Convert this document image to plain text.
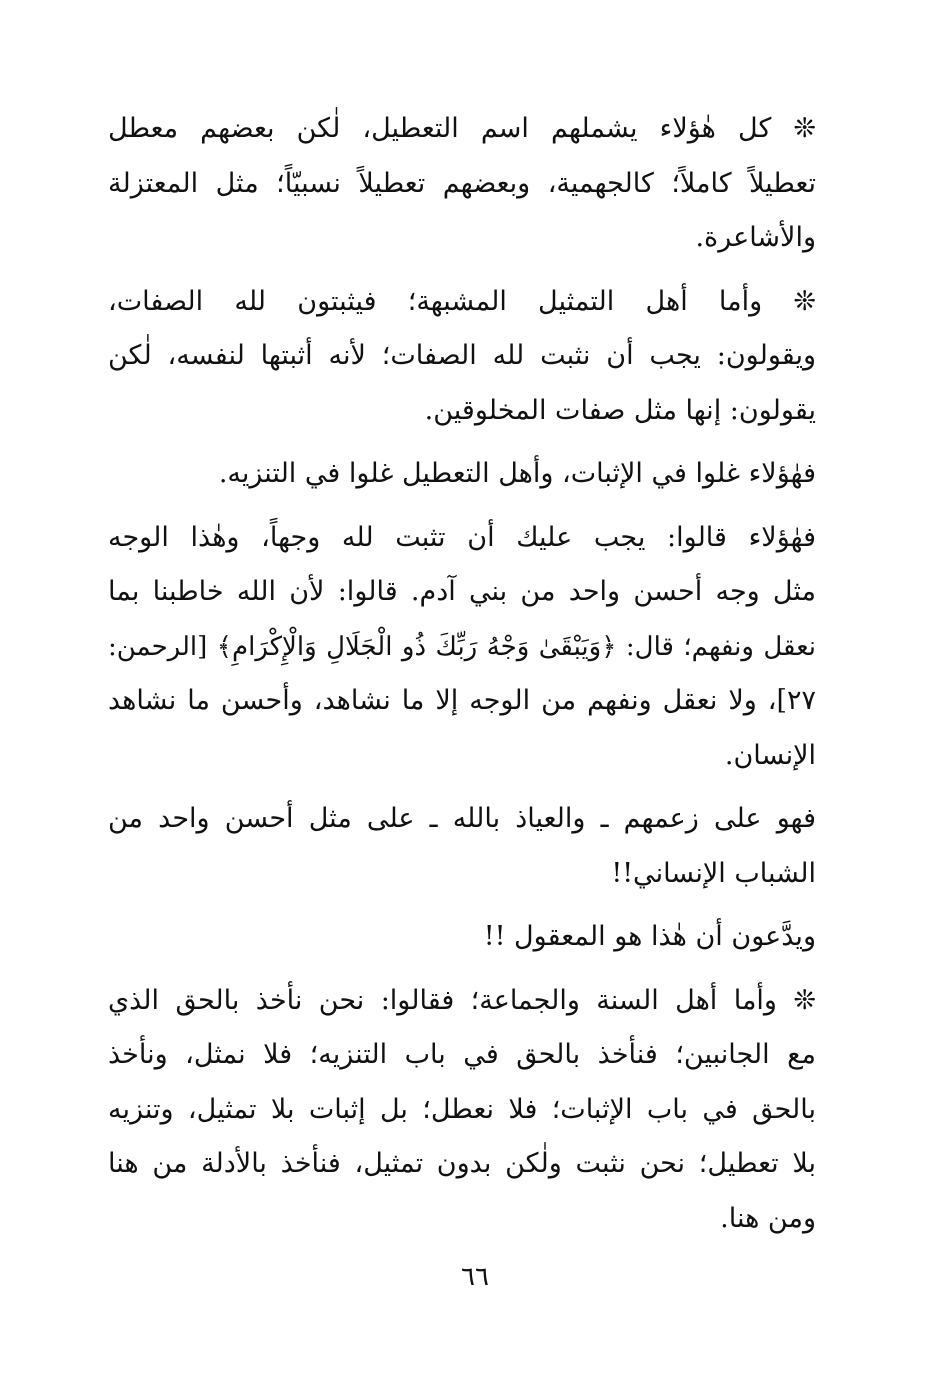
❊ كل هٰؤلاء يشملهم اسم التعطيل، لٰكن بعضهم معطل
تعطيلاً كاملاً؛ كالجهمية، وبعضهم تعطيلاً نسبيّاً؛ مثل المعتزلة
والأشاعرة.

❊ وأما أهل التمثيل المشبهة؛ فيثبتون لله الصفات،
ويقولون: يجب أن نثبت لله الصفات؛ لأنه أثبتها لنفسه، لٰكن
يقولون: إنها مثل صفات المخلوقين.

فهٰؤلاء غلوا في الإثبات، وأهل التعطيل غلوا في التنزيه.

فهٰؤلاء قالوا: يجب عليك أن تثبت لله وجهاً، وهٰذا الوجه
مثل وجه أحسن واحد من بني آدم. قالوا: لأن الله خاطبنا بما
نعقل ونفهم؛ قال: ﴿وَيَبْقَىٰ وَجْهُ رَبِّكَ ذُو الْجَلَالِ وَالْإِكْرَامِ﴾ [الرحمن:
٢٧]، ولا نعقل ونفهم من الوجه إلا ما نشاهد، وأحسن ما نشاهد
الإنسان.

فهو على زعمهم ـ والعياذ بالله ـ على مثل أحسن واحد من
الشباب الإنساني!!

ويدَّعون أن هٰذا هو المعقول !!

❊ وأما أهل السنة والجماعة؛ فقالوا: نحن نأخذ بالحق الذي
مع الجانبين؛ فنأخذ بالحق في باب التنزيه؛ فلا نمثل، ونأخذ
بالحق في باب الإثبات؛ فلا نعطل؛ بل إثبات بلا تمثيل، وتنزيه
بلا تعطيل؛ نحن نثبت ولٰكن بدون تمثيل، فنأخذ بالأدلة من هنا
ومن هنا.

٦٦
